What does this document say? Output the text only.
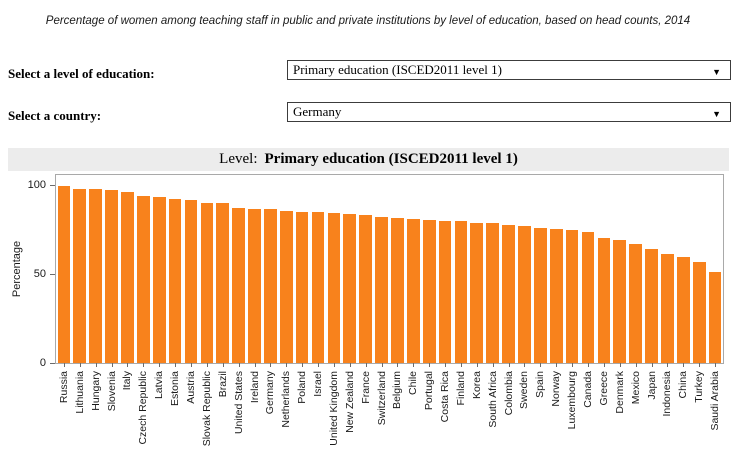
Percentage of women among teaching staff in public and private institutions by level of education, based on head counts, 2014
Select a level of education:	Primary education (ISCED2011 level 1)	▼
Select a country:	Germany	▼
Level: Primary education (ISCED2011 level 1)
Percentage
Russia Lithuania Hungary Slovenia Italy Czech Republic Latvia Estonia Austria Slovak Republic Brazil United States Ireland Germany Netherlands Poland Israel United Kingdom New Zealand France Switzerland Belgium Chile Portugal Costa Rica Finland Korea South Africa Colombia Sweden Spain Norway Luxembourg Canada Greece Denmark Mexico Japan Indonesia China Turkey Saudi Arabia
0
50
100
